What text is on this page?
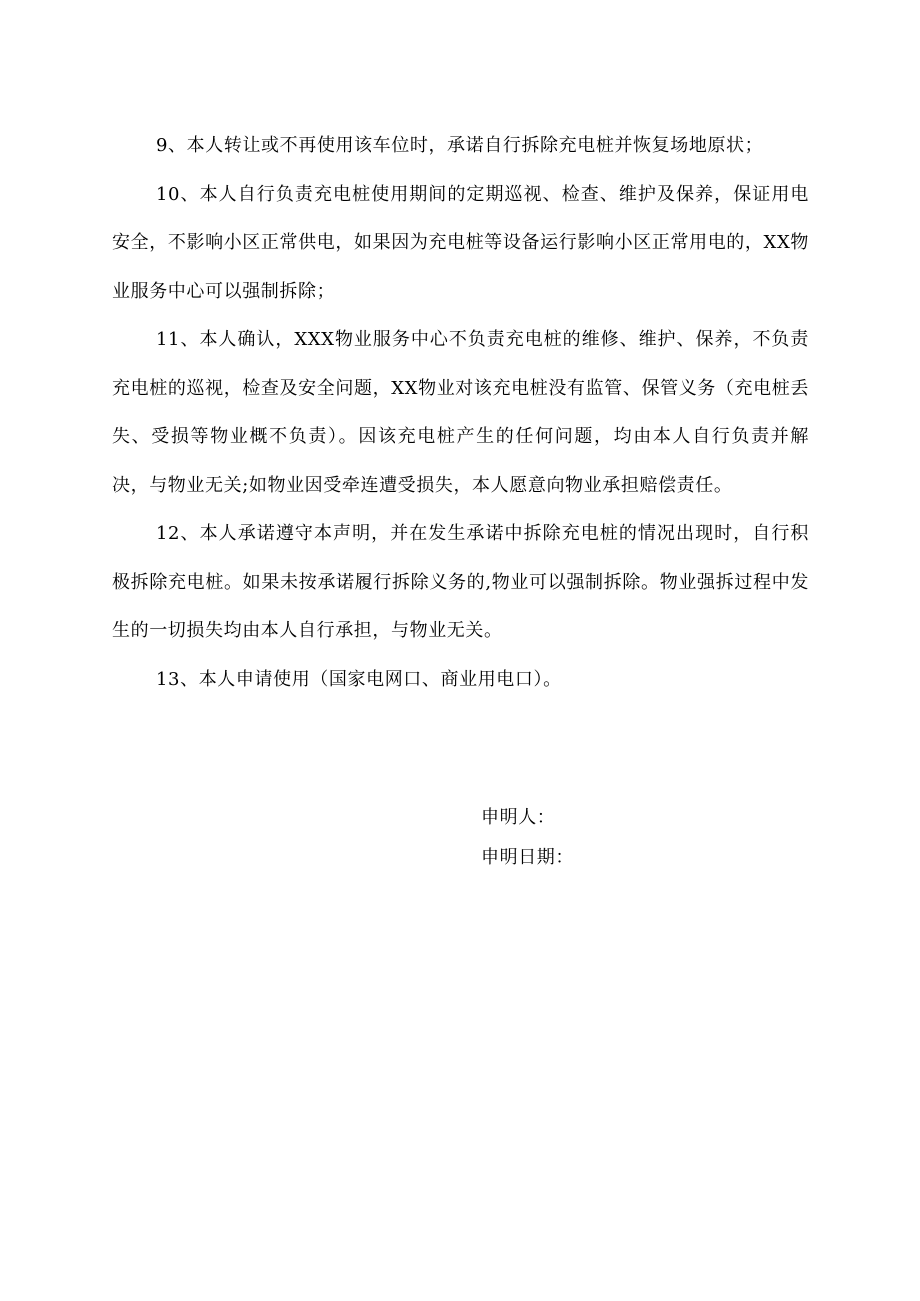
9、本人转让或不再使用该车位时，承诺自行拆除充电桩并恢复场地原状；

10、本人自行负责充电桩使用期间的定期巡视、检查、维护及保养，保证用电安全，不影响小区正常供电，如果因为充电桩等设备运行影响小区正常用电的，XX物业服务中心可以强制拆除；

11、本人确认，XXX物业服务中心不负责充电桩的维修、维护、保养，不负责充电桩的巡视，检查及安全问题，XX物业对该充电桩没有监管、保管义务（充电桩丢失、受损等物业概不负责）。因该充电桩产生的任何问题，均由本人自行负责并解决，与物业无关;如物业因受牵连遭受损失，本人愿意向物业承担赔偿责任。

12、本人承诺遵守本声明，并在发生承诺中拆除充电桩的情况出现时，自行积极拆除充电桩。如果未按承诺履行拆除义务的,物业可以强制拆除。物业强拆过程中发生的一切损失均由本人自行承担，与物业无关。

13、本人申请使用（国家电网口、商业用电口）。

申明人：
申明日期：
